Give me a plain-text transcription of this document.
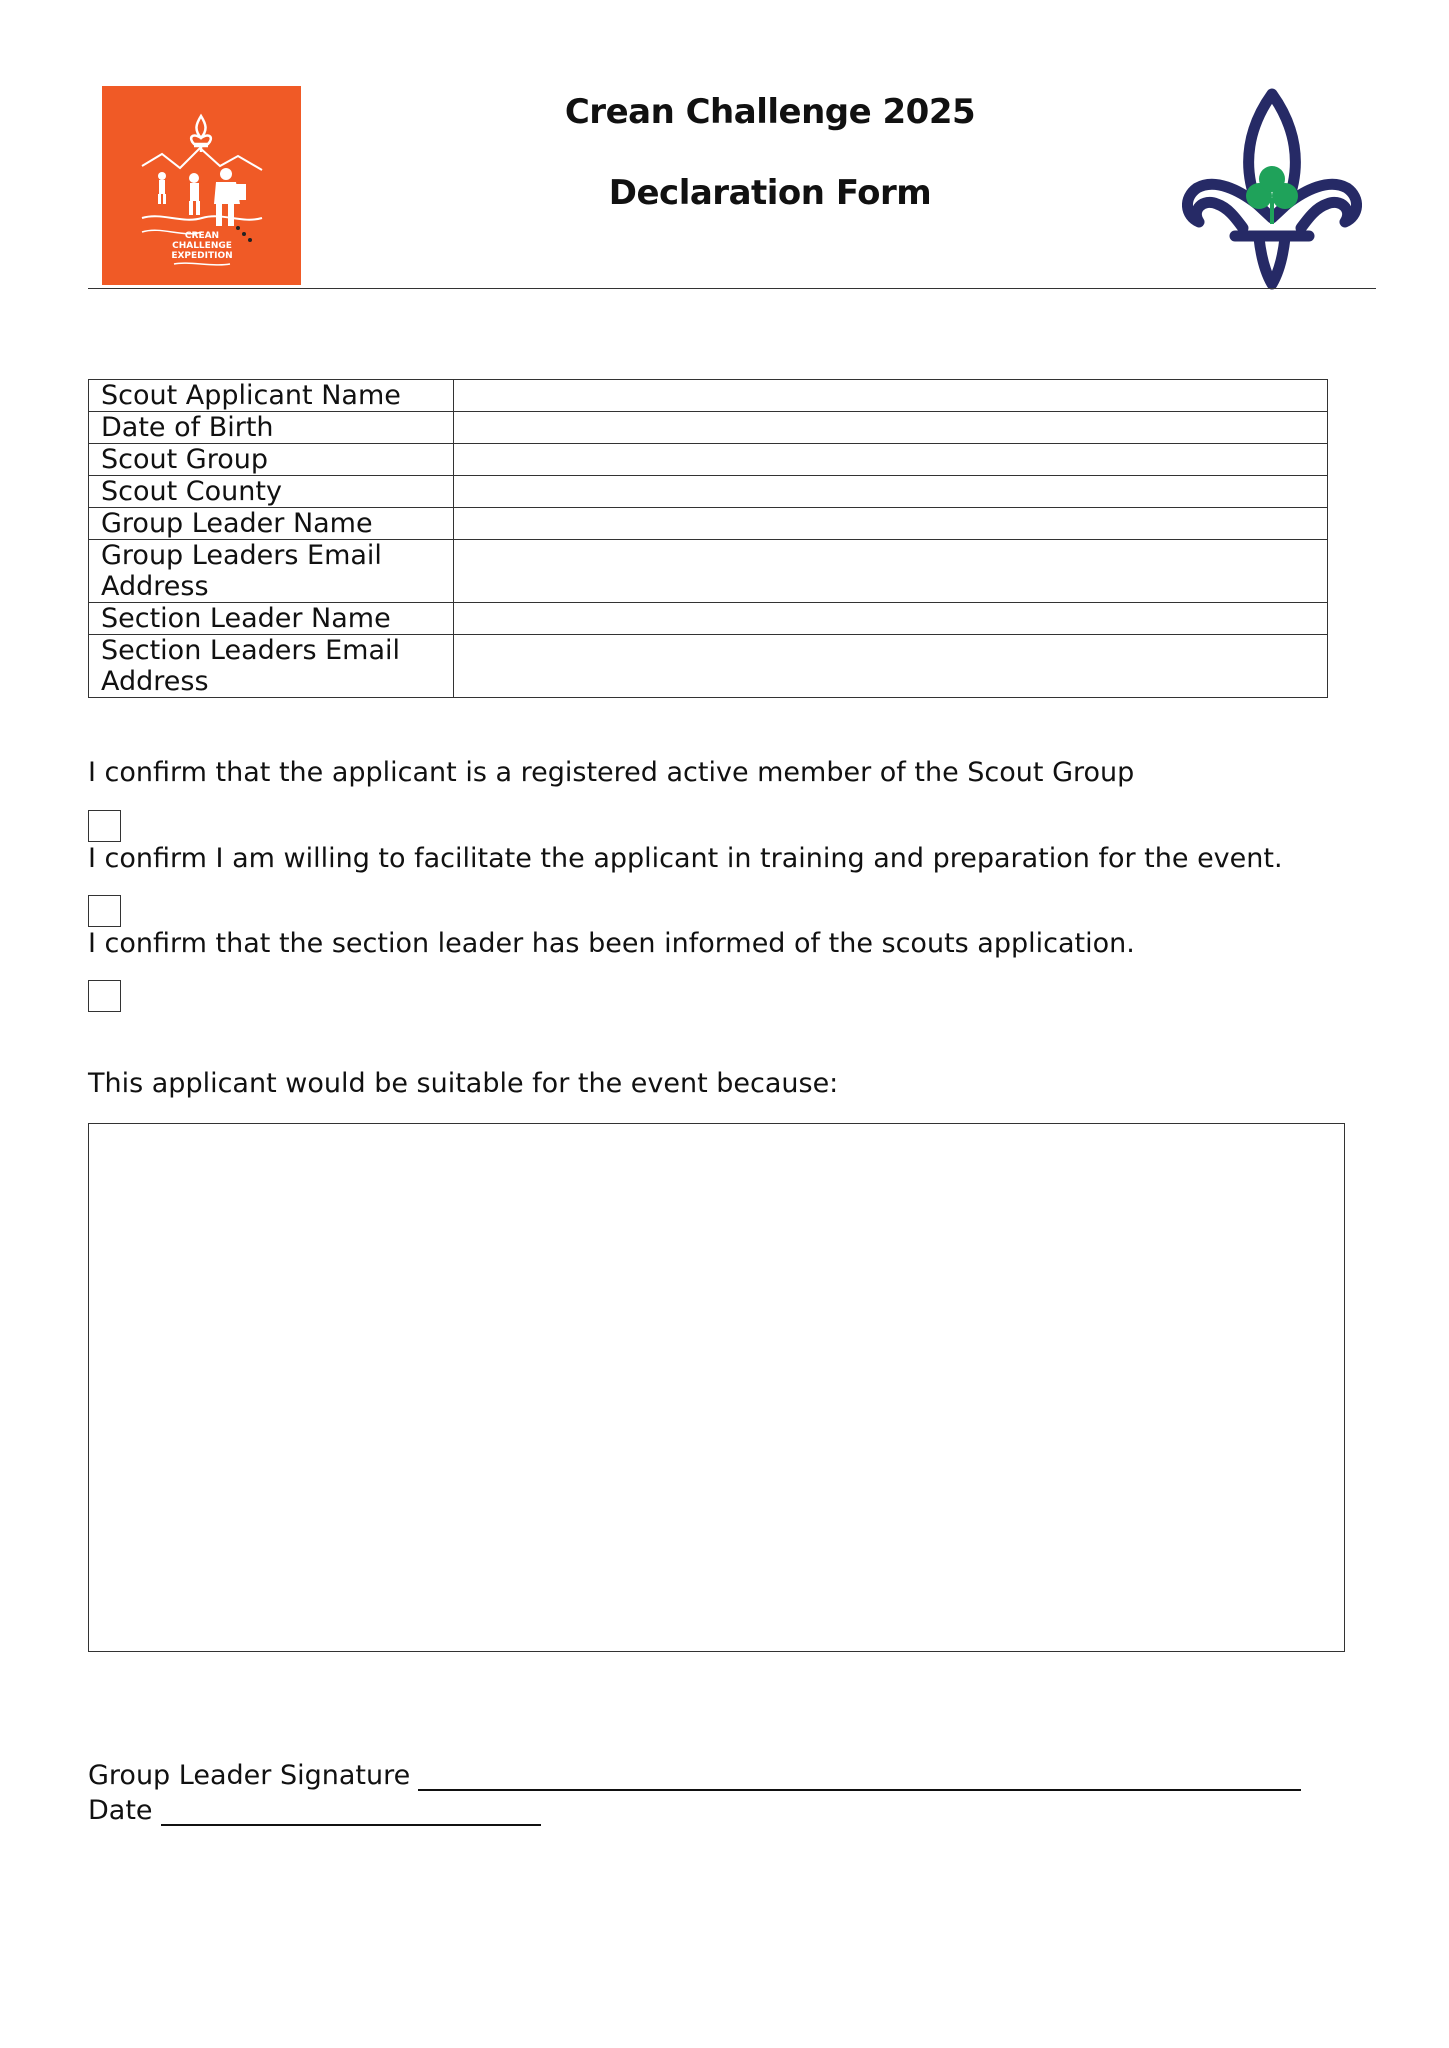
CREAN
CHALLENGE
EXPEDITION
Crean Challenge 2025
Declaration Form
Scout Applicant Name	
Date of Birth	
Scout Group	
Scout County	
Group Leader Name	
Group Leaders Email Address	
Section Leader Name	
Section Leaders Email Address	
I confirm that the applicant is a registered active member of the Scout Group
I confirm I am willing to facilitate the applicant in training and preparation for the event.
I confirm that the section leader has been informed of the scouts application.
This applicant would be suitable for the event because:
Group Leader Signature
Date
